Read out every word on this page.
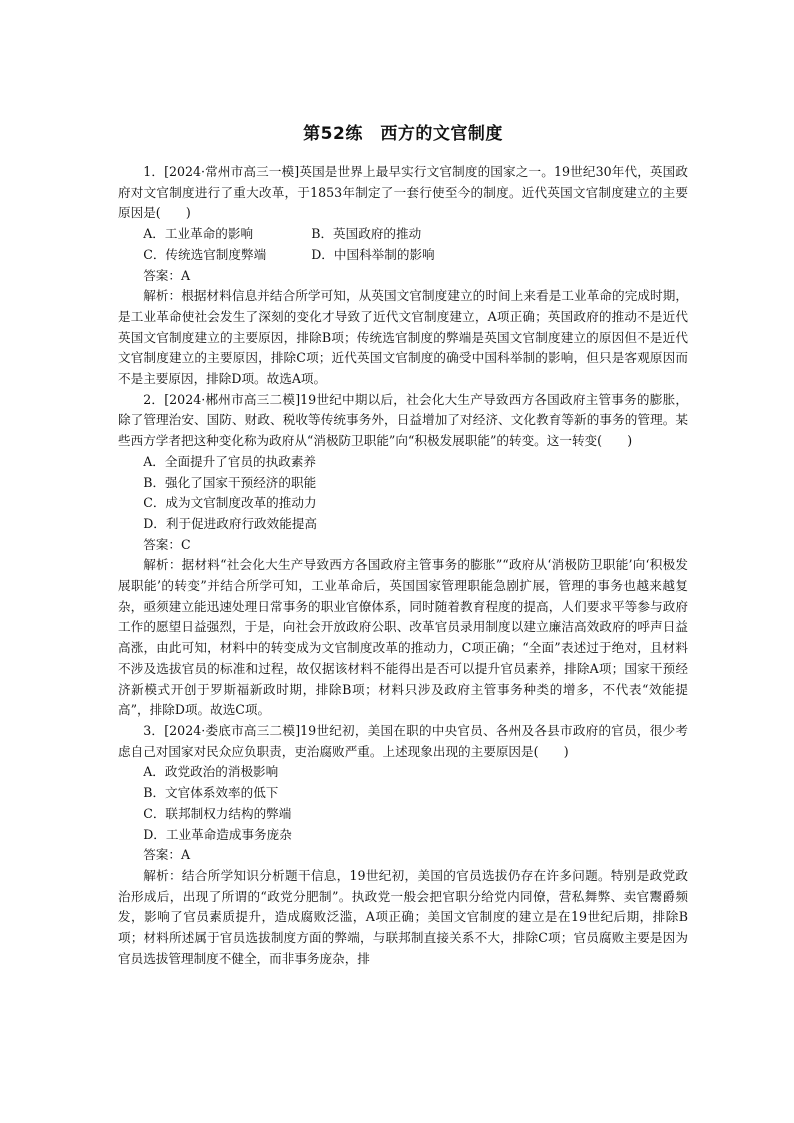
第52练　西方的文官制度

1．[2024·常州市高三一模]英国是世界上最早实行文官制度的国家之一。19世纪30年代，英国政府对文官制度进行了重大改革，于1853年制定了一套行使至今的制度。近代英国文官制度建立的主要原因是(　　)

A．工业革命的影响	B．英国政府的推动
C．传统选官制度弊端	D．中国科举制的影响

答案：A

解析：根据材料信息并结合所学可知，从英国文官制度建立的时间上来看是工业革命的完成时期，是工业革命使社会发生了深刻的变化才导致了近代文官制度建立，A项正确；英国政府的推动不是近代英国文官制度建立的主要原因，排除B项；传统选官制度的弊端是英国文官制度建立的原因但不是近代文官制度建立的主要原因，排除C项；近代英国文官制度的确受中国科举制的影响，但只是客观原因而不是主要原因，排除D项。故选A项。

2．[2024·郴州市高三二模]19世纪中期以后，社会化大生产导致西方各国政府主管事务的膨胀，除了管理治安、国防、财政、税收等传统事务外，日益增加了对经济、文化教育等新的事务的管理。某些西方学者把这种变化称为政府从“消极防卫职能”向“积极发展职能”的转变。这一转变(　　)

A．全面提升了官员的执政素养

B．强化了国家干预经济的职能

C．成为文官制度改革的推动力

D．利于促进政府行政效能提高

答案：C

解析：据材料“社会化大生产导致西方各国政府主管事务的膨胀”“政府从‘消极防卫职能’向‘积极发展职能’的转变”并结合所学可知，工业革命后，英国国家管理职能急剧扩展，管理的事务也越来越复杂，亟须建立能迅速处理日常事务的职业官僚体系，同时随着教育程度的提高，人们要求平等参与政府工作的愿望日益强烈，于是，向社会开放政府公职、改革官员录用制度以建立廉洁高效政府的呼声日益高涨，由此可知，材料中的转变成为文官制度改革的推动力，C项正确；“全面”表述过于绝对，且材料不涉及选拔官员的标准和过程，故仅据该材料不能得出是否可以提升官员素养，排除A项；国家干预经济新模式开创于罗斯福新政时期，排除B项；材料只涉及政府主管事务种类的增多，不代表“效能提高”，排除D项。故选C项。

3．[2024·娄底市高三二模]19世纪初，美国在职的中央官员、各州及各县市政府的官员，很少考虑自己对国家对民众应负职责，吏治腐败严重。上述现象出现的主要原因是(　　)

A．政党政治的消极影响

B．文官体系效率的低下

C．联邦制权力结构的弊端

D．工业革命造成事务庞杂

答案：A

解析：结合所学知识分析题干信息，19世纪初，美国的官员选拔仍存在许多问题。特别是政党政治形成后，出现了所谓的“政党分肥制”。执政党一般会把官职分给党内同僚，营私舞弊、卖官鬻爵频发，影响了官员素质提升，造成腐败泛滥，A项正确；美国文官制度的建立是在19世纪后期，排除B项；材料所述属于官员选拔制度方面的弊端，与联邦制直接关系不大，排除C项；官员腐败主要是因为官员选拔管理制度不健全，而非事务庞杂，排
